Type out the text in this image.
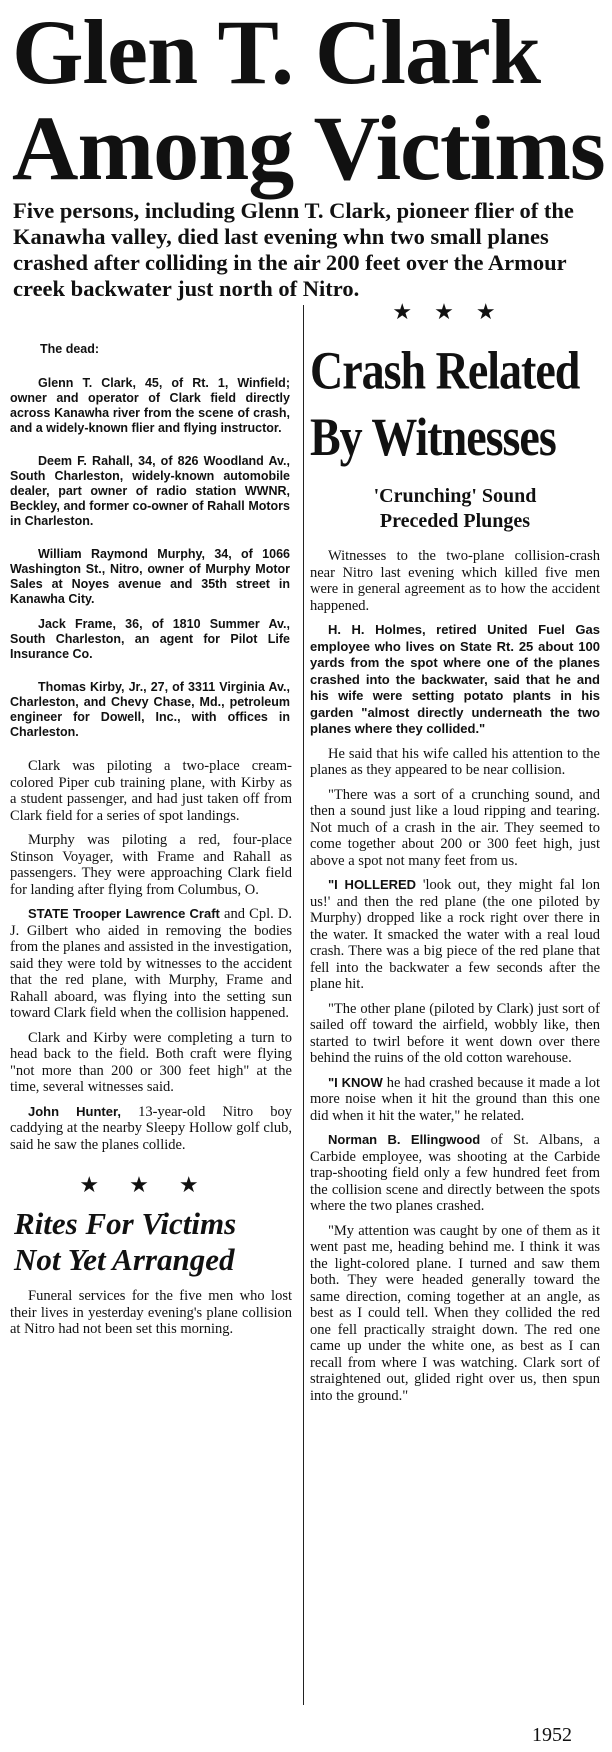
Glen T. Clark
Among Victims

Five persons, including Glenn T. Clark, pioneer flier of the Kanawha valley, died last evening whn two small planes crashed after colliding in the air 200 feet over the Armour creek backwater just north of Nitro.

★★★
The dead:

Glenn T. Clark, 45, of Rt. 1, Winfield; owner and operator of Clark field directly across Kanawha river from the scene of crash, and a widely-known flier and flying instructor.

Deem F. Rahall, 34, of 826 Woodland Av., South Charleston, widely-known automobile dealer, part owner of radio station WWNR, Beckley, and former co-owner of Rahall Motors in Charleston.

William Raymond Murphy, 34, of 1066 Washington St., Nitro, owner of Murphy Motor Sales at Noyes avenue and 35th street in Kanawha City.

Jack Frame, 36, of 1810 Summer Av., South Charleston, an agent for Pilot Life Insurance Co.

Thomas Kirby, Jr., 27, of 3311 Virginia Av., Charleston, and Chevy Chase, Md., petroleum engineer for Dowell, Inc., with offices in Charleston.

Clark was piloting a two-place cream-colored Piper cub training plane, with Kirby as a student passenger, and had just taken off from Clark field for a series of spot landings.

Murphy was piloting a red, four-place Stinson Voyager, with Frame and Rahall as passengers. They were approaching Clark field for landing after flying from Columbus, O.

STATE Trooper Lawrence Craft and Cpl. D. J. Gilbert who aided in removing the bodies from the planes and assisted in the investigation, said they were told by witnesses to the accident that the red plane, with Murphy, Frame and Rahall aboard, was flying into the setting sun toward Clark field when the collision happened.

Clark and Kirby were completing a turn to head back to the field. Both craft were flying "not more than 200 or 300 feet high" at the time, several witnesses said.

John Hunter, 13-year-old Nitro boy caddying at the nearby Sleepy Hollow golf club, said he saw the planes collide.

★★★
Rites For Victims
Not Yet Arranged

Funeral services for the five men who lost their lives in yesterday evening's plane collision at Nitro had not been set this morning.

Crash Related
By Witnesses
'Crunching' Sound
Preceded Plunges

Witnesses to the two-plane collision-crash near Nitro last evening which killed five men were in general agreement as to how the accident happened.

H. H. Holmes, retired United Fuel Gas employee who lives on State Rt. 25 about 100 yards from the spot where one of the planes crashed into the backwater, said that he and his wife were setting potato plants in his garden "almost directly underneath the two planes where they collided."

He said that his wife called his attention to the planes as they appeared to be near collision.

"There was a sort of a crunching sound, and then a sound just like a loud ripping and tearing. Not much of a crash in the air. They seemed to come together about 200 or 300 feet high, just above a spot not many feet from us.

"I HOLLERED 'look out, they might fal lon us!' and then the red plane (the one piloted by Murphy) dropped like a rock right over there in the water. It smacked the water with a real loud crash. There was a big piece of the red plane that fell into the backwater a few seconds after the plane hit.

"The other plane (piloted by Clark) just sort of sailed off toward the airfield, wobbly like, then started to twirl before it went down over there behind the ruins of the old cotton warehouse.

"I KNOW he had crashed because it made a lot more noise when it hit the ground than this one did when it hit the water," he related.

Norman B. Ellingwood of St. Albans, a Carbide employee, was shooting at the Carbide trap-shooting field only a few hundred feet from the collision scene and directly between the spots where the two planes crashed.

"My attention was caught by one of them as it went past me, heading behind me. I think it was the light-colored plane. I turned and saw them both. They were headed generally toward the same direction, coming together at an angle, as best as I could tell. When they collided the red one fell practically straight down. The red one came up under the white one, as best as I can recall from where I was watching. Clark sort of straightened out, glided right over us, then spun into the ground."

1952
